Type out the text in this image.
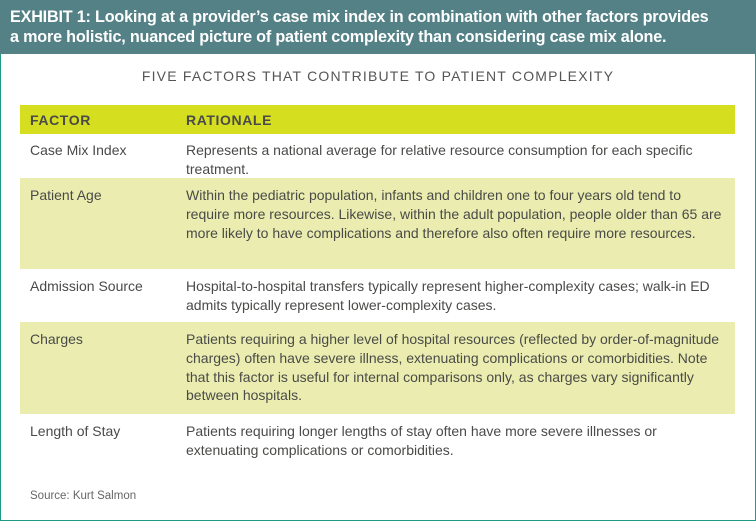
EXHIBIT 1: Looking at a provider’s case mix index in combination with other factors provides
a more holistic, nuanced picture of patient complexity than considering case mix alone.
FIVE FACTORS THAT CONTRIBUTE TO PATIENT COMPLEXITY
FACTOR	RATIONALE
Case Mix Index	Represents a national average for relative resource consumption for each specific treatment.
Patient Age	Within the pediatric population, infants and children one to four years old tend to require more resources. Likewise, within the adult population, people older than 65 are more likely to have complications and therefore also often require more resources.
Admission Source	Hospital-to-hospital transfers typically represent higher-complexity cases; walk-in ED admits typically represent lower-complexity cases.
Charges	Patients requiring a higher level of hospital resources (reflected by order-of-magnitude charges) often have severe illness, extenuating complications or comorbidities. Note that this factor is useful for internal comparisons only, as charges vary significantly between hospitals.
Length of Stay	Patients requiring longer lengths of stay often have more severe illnesses or extenuating complications or comorbidities.
Source: Kurt Salmon
